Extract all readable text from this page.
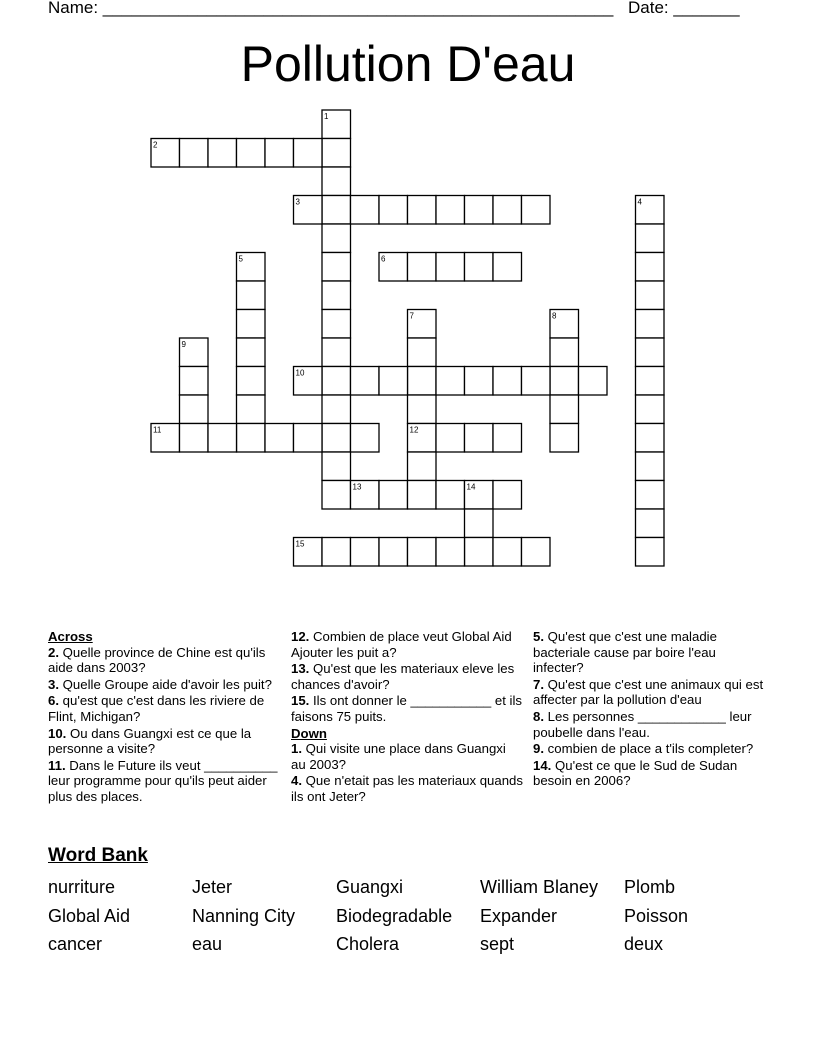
Name: ______________________________________________________ Date: _______
Pollution D'eau
1
2
3	4
5	6
7	8
9
10
11	12
13	14
15
Across
2. Quelle province de Chine est qu'ils aide dans 2003?
3. Quelle Groupe aide d'avoir les puit?
6. qu'est que c'est dans les riviere de Flint, Michigan?
10. Ou dans Guangxi est ce que la personne a visite?
11. Dans le Future ils veut __________ leur programme pour qu'ils peut aider plus des places.
12. Combien de place veut Global Aid Ajouter les puit a?
13. Qu'est que les materiaux eleve les chances d'avoir?
15. Ils ont donner le ___________ et ils faisons 75 puits.
Down
1. Qui visite une place dans Guangxi au 2003?
4. Que n'etait pas les materiaux quands ils ont Jeter?
5. Qu'est que c'est une maladie bacteriale cause par boire l'eau infecter?
7. Qu'est que c'est une animaux qui est affecter par la pollution d'eau
8. Les personnes ____________ leur poubelle dans l'eau.
9. combien de place a t'ils completer?
14. Qu'est ce que le Sud de Sudan besoin en 2006?
Word Bank
nurriture	Jeter	Guangxi	William Blaney	Plomb
Global Aid	Nanning City	Biodegradable	Expander	Poisson
cancer	eau	Cholera	sept	deux
